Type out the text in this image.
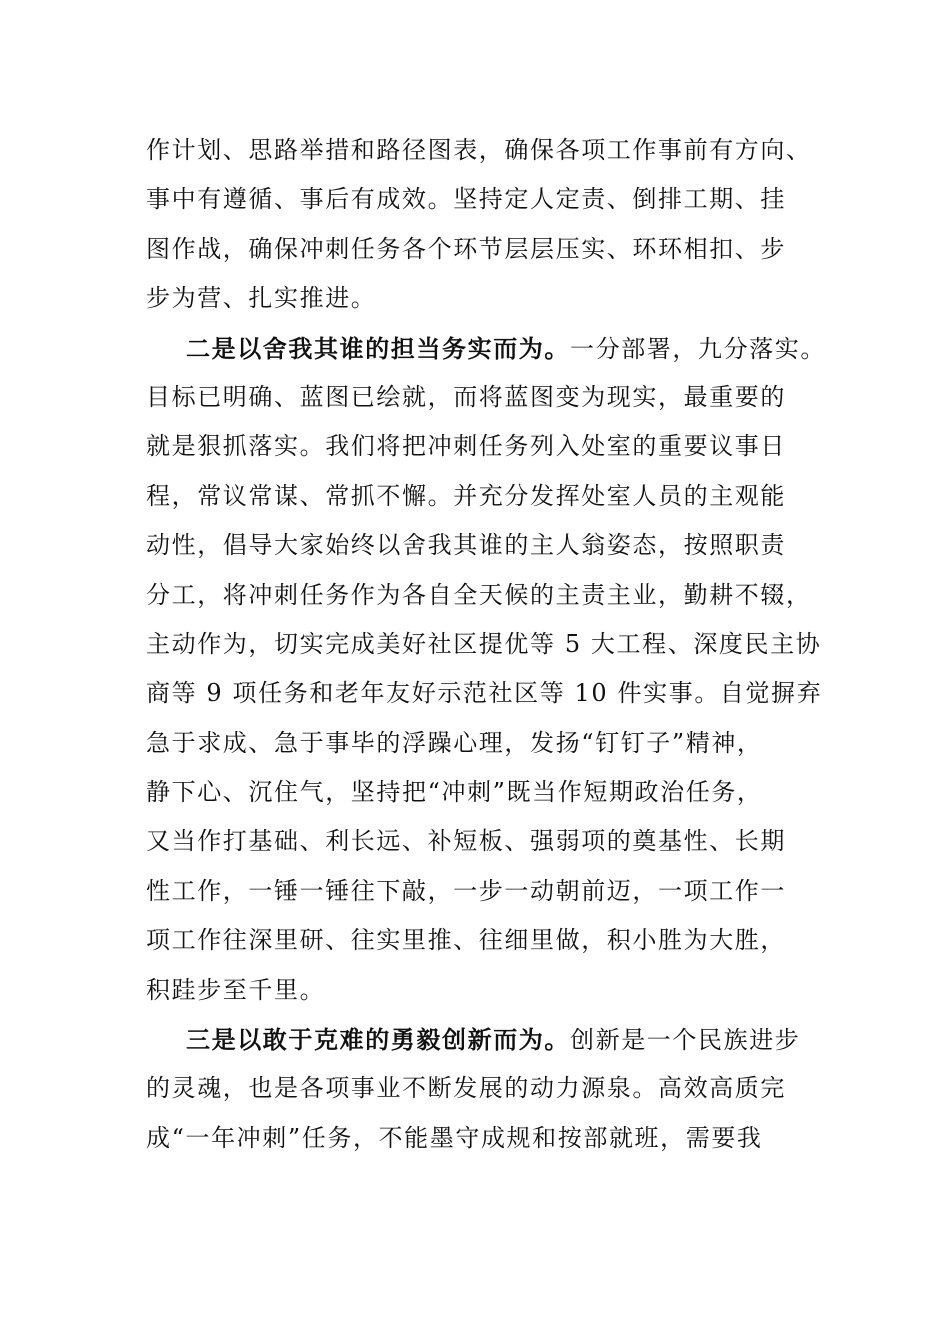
作计划、思路举措和路径图表，确保各项工作事前有方向、
事中有遵循、事后有成效。坚持定人定责、倒排工期、挂
图作战，确保冲刺任务各个环节层层压实、环环相扣、步
步为营、扎实推进。
二是以舍我其谁的担当务实而为。一分部署，九分落实。
目标已明确、蓝图已绘就，而将蓝图变为现实，最重要的
就是狠抓落实。我们将把冲刺任务列入处室的重要议事日
程，常议常谋、常抓不懈。并充分发挥处室人员的主观能
动性，倡导大家始终以舍我其谁的主人翁姿态，按照职责
分工，将冲刺任务作为各自全天候的主责主业，勤耕不辍，
主动作为，切实完成美好社区提优等 5 大工程、深度民主协
商等 9 项任务和老年友好示范社区等 10 件实事。自觉摒弃
急于求成、急于事毕的浮躁心理，发扬“钉钉子”精神，
静下心、沉住气，坚持把“冲刺”既当作短期政治任务，
又当作打基础、利长远、补短板、强弱项的奠基性、长期
性工作，一锤一锤往下敲，一步一动朝前迈，一项工作一
项工作往深里研、往实里推、往细里做，积小胜为大胜，
积跬步至千里。
三是以敢于克难的勇毅创新而为。创新是一个民族进步
的灵魂，也是各项事业不断发展的动力源泉。高效高质完
成“一年冲刺”任务，不能墨守成规和按部就班，需要我
